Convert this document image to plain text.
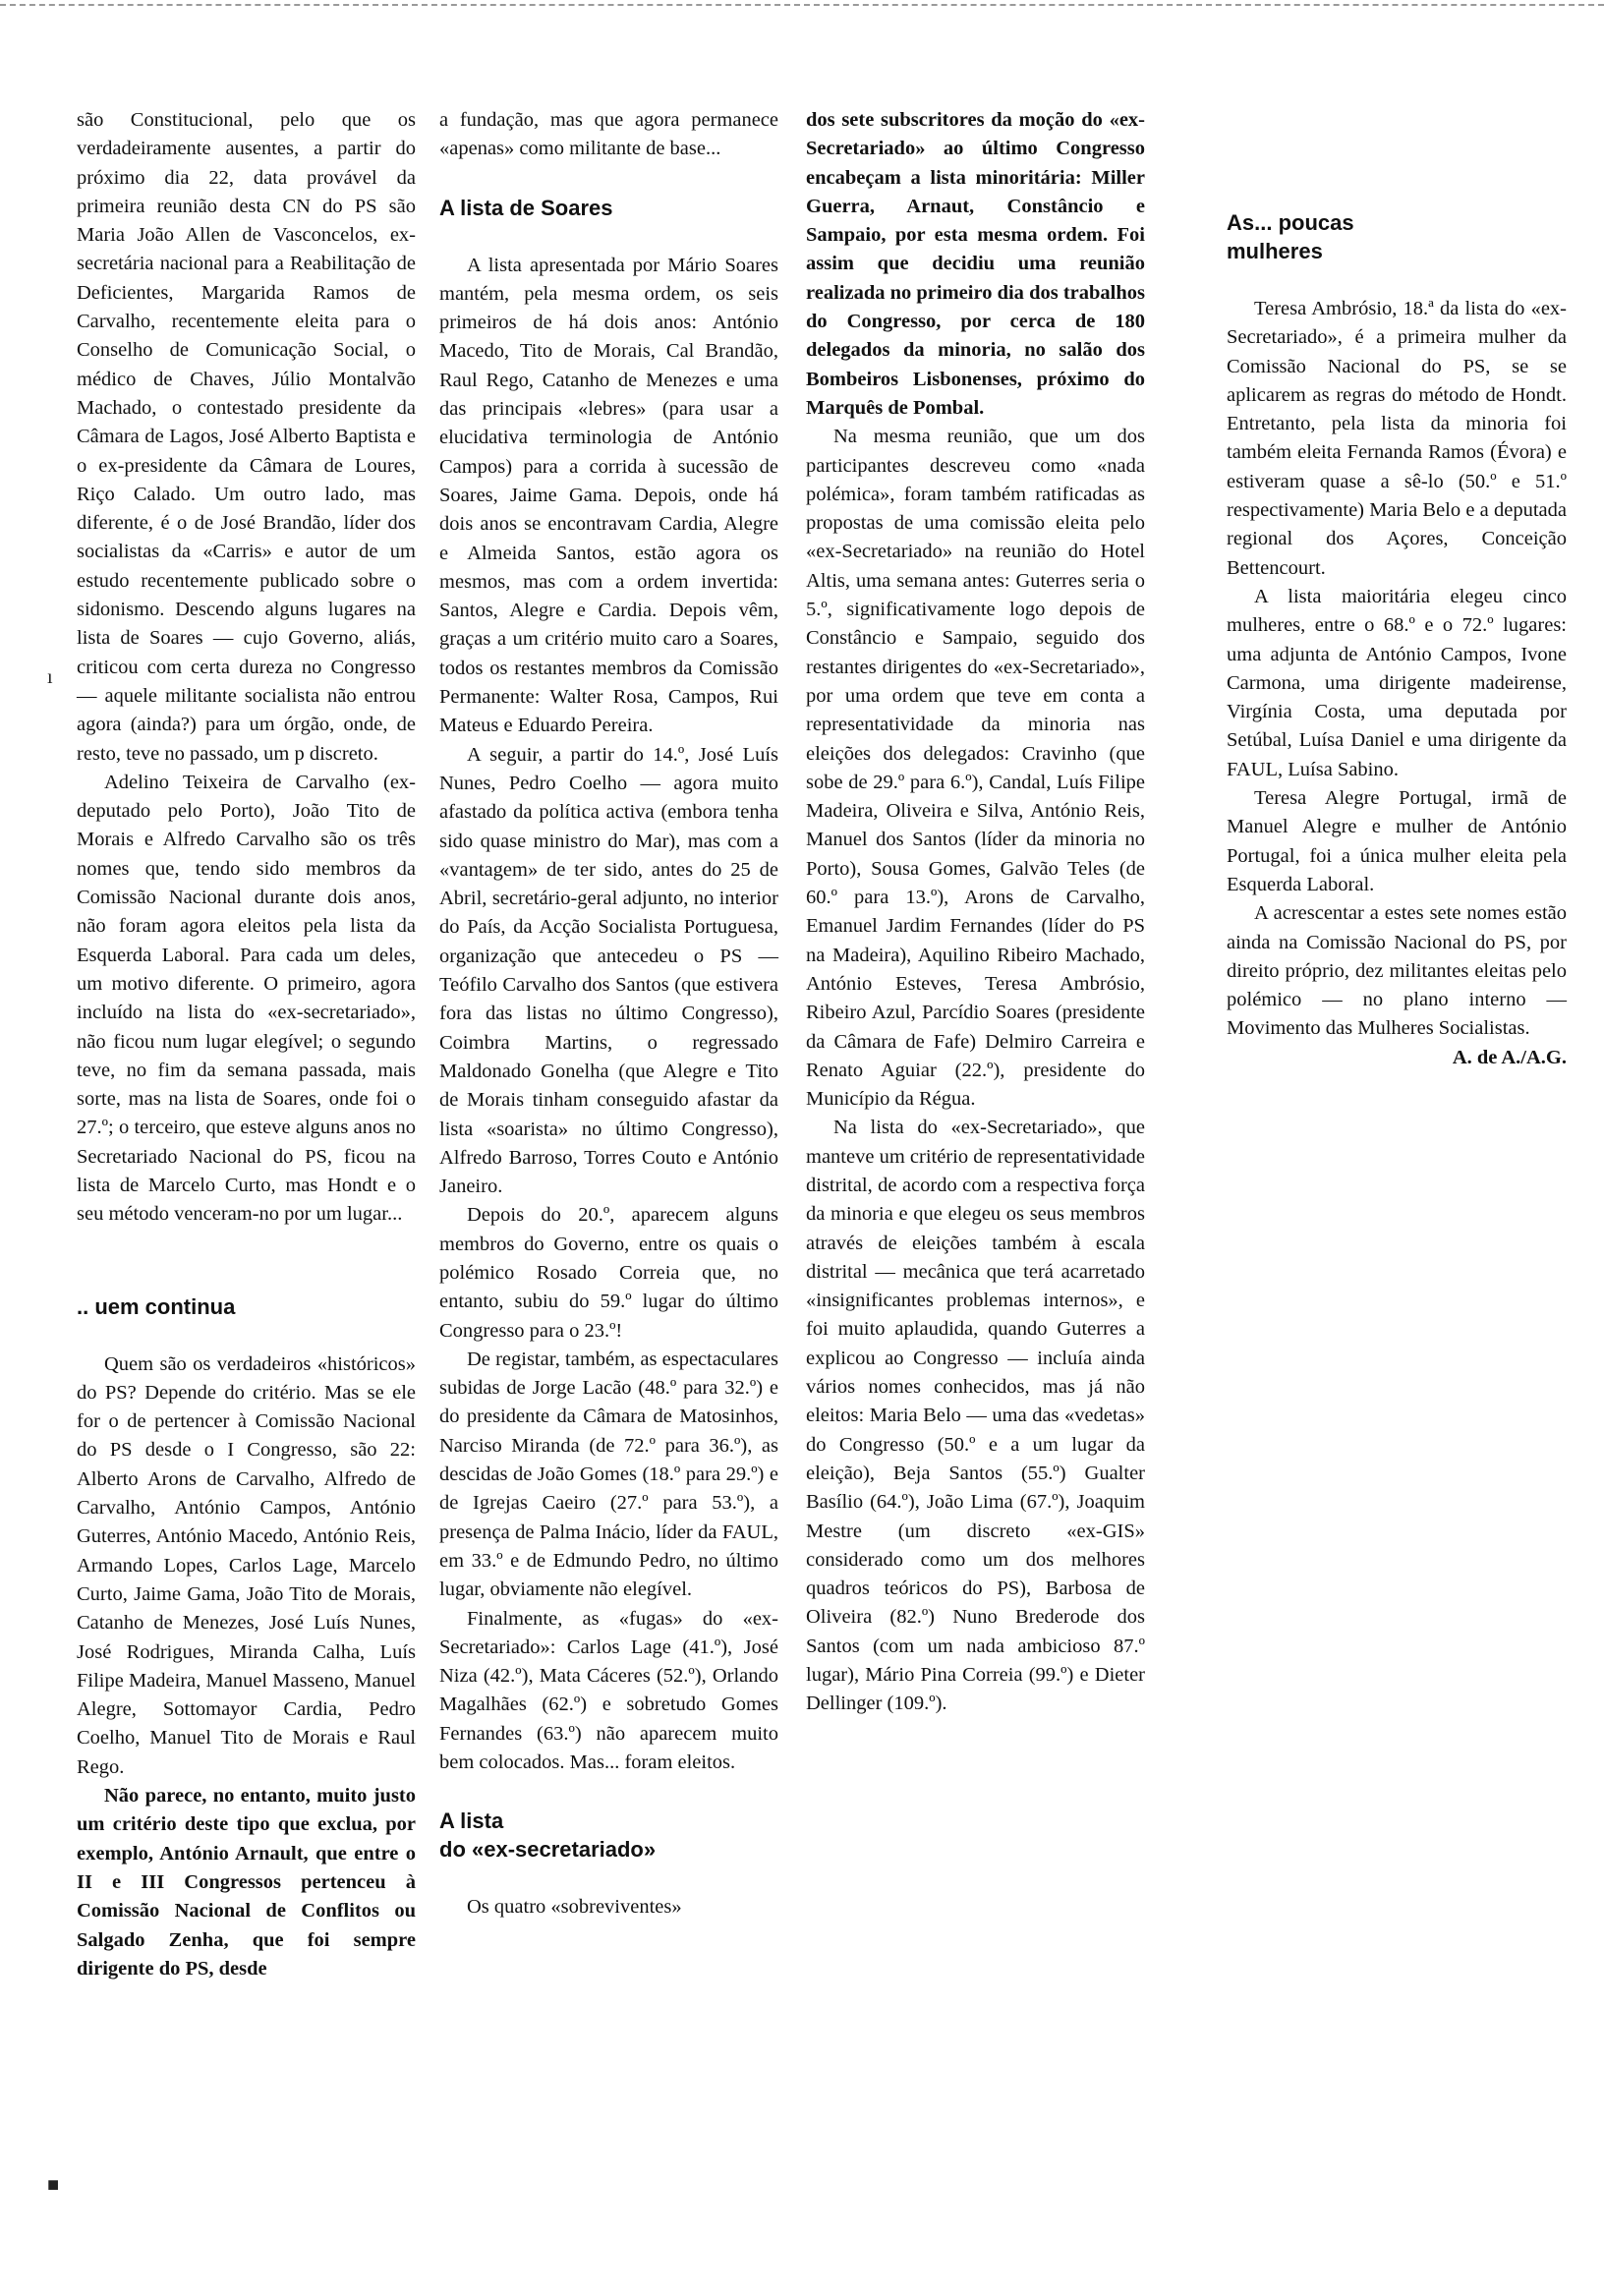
são Constitucional, pelo que os verdadeiramente ausentes, a partir do próximo dia 22, data provável da primeira reunião desta CN do PS são Maria João Allen de Vasconcelos, ex-secretária nacional para a Reabilitação de Deficientes, Margarida Ramos de Carvalho, recentemente eleita para o Conselho de Comunicação Social, o médico de Chaves, Júlio Montalvão Machado, o contestado presidente da Câmara de Lagos, José Alberto Baptista e o ex-presidente da Câmara de Loures, Riço Calado. Um outro lado, mas diferente, é o de José Brandão, líder dos socialistas da «Carris» e autor de um estudo recentemente publicado sobre o sidonismo. Descendo alguns lugares na lista de Soares — cujo Governo, aliás, criticou com certa dureza no Congresso — aquele militante socialista não entrou agora (ainda?) para um órgão, onde, de resto, teve no passado, um p discreto.

Adelino Teixeira de Carvalho (ex-deputado pelo Porto), João Tito de Morais e Alfredo Carvalho são os três nomes que, tendo sido membros da Comissão Nacional durante dois anos, não foram agora eleitos pela lista da Esquerda Laboral. Para cada um deles, um motivo diferente. O primeiro, agora incluído na lista do «ex-secretariado», não ficou num lugar elegível; o segundo teve, no fim da semana passada, mais sorte, mas na lista de Soares, onde foi o 27.º; o terceiro, que esteve alguns anos no Secretariado Nacional do PS, ficou na lista de Marcelo Curto, mas Hondt e o seu método venceram-no por um lugar...

.. uem continua

Quem são os verdadeiros «históricos» do PS? Depende do critério. Mas se ele for o de pertencer à Comissão Nacional do PS desde o I Congresso, são 22: Alberto Arons de Carvalho, Alfredo de Carvalho, António Campos, António Guterres, António Macedo, António Reis, Armando Lopes, Carlos Lage, Marcelo Curto, Jaime Gama, João Tito de Morais, Catanho de Menezes, José Luís Nunes, José Rodrigues, Miranda Calha, Luís Filipe Madeira, Manuel Masseno, Manuel Alegre, Sottomayor Cardia, Pedro Coelho, Manuel Tito de Morais e Raul Rego.

Não parece, no entanto, muito justo um critério deste tipo que exclua, por exemplo, António Arnault, que entre o II e III Congressos pertenceu à Comissão Nacional de Conflitos ou Salgado Zenha, que foi sempre dirigente do PS, desde

a fundação, mas que agora permanece «apenas» como militante de base...

A lista de Soares

A lista apresentada por Mário Soares mantém, pela mesma ordem, os seis primeiros de há dois anos: António Macedo, Tito de Morais, Cal Brandão, Raul Rego, Catanho de Menezes e uma das principais «lebres» (para usar a elucidativa terminologia de António Campos) para a corrida à sucessão de Soares, Jaime Gama. Depois, onde há dois anos se encontravam Cardia, Alegre e Almeida Santos, estão agora os mesmos, mas com a ordem invertida: Santos, Alegre e Cardia. Depois vêm, graças a um critério muito caro a Soares, todos os restantes membros da Comissão Permanente: Walter Rosa, Campos, Rui Mateus e Eduardo Pereira.

A seguir, a partir do 14.º, José Luís Nunes, Pedro Coelho — agora muito afastado da política activa (embora tenha sido quase ministro do Mar), mas com a «vantagem» de ter sido, antes do 25 de Abril, secretário-geral adjunto, no interior do País, da Acção Socialista Portuguesa, organização que antecedeu o PS — Teófilo Carvalho dos Santos (que estivera fora das listas no último Congresso), Coimbra Martins, o regressado Maldonado Gonelha (que Alegre e Tito de Morais tinham conseguido afastar da lista «soarista» no último Congresso), Alfredo Barroso, Torres Couto e António Janeiro.

Depois do 20.º, aparecem alguns membros do Governo, entre os quais o polémico Rosado Correia que, no entanto, subiu do 59.º lugar do último Congresso para o 23.º!

De registar, também, as espectaculares subidas de Jorge Lacão (48.º para 32.º) e do presidente da Câmara de Matosinhos, Narciso Miranda (de 72.º para 36.º), as descidas de João Gomes (18.º para 29.º) e de Igrejas Caeiro (27.º para 53.º), a presença de Palma Inácio, líder da FAUL, em 33.º e de Edmundo Pedro, no último lugar, obviamente não elegível.

Finalmente, as «fugas» do «ex-Secretariado»: Carlos Lage (41.º), José Niza (42.º), Mata Cáceres (52.º), Orlando Magalhães (62.º) e sobretudo Gomes Fernandes (63.º) não aparecem muito bem colocados. Mas... foram eleitos.

A lista
do «ex-secretariado»

Os quatro «sobreviventes»

dos sete subscritores da moção do «ex-Secretariado» ao último Congresso encabeçam a lista minoritária: Miller Guerra, Arnaut, Constâncio e Sampaio, por esta mesma ordem. Foi assim que decidiu uma reunião realizada no primeiro dia dos trabalhos do Congresso, por cerca de 180 delegados da minoria, no salão dos Bombeiros Lisbonenses, próximo do Marquês de Pombal.

Na mesma reunião, que um dos participantes descreveu como «nada polémica», foram também ratificadas as propostas de uma comissão eleita pelo «ex-Secretariado» na reunião do Hotel Altis, uma semana antes: Guterres seria o 5.º, significativamente logo depois de Constâncio e Sampaio, seguido dos restantes dirigentes do «ex-Secretariado», por uma ordem que teve em conta a representatividade da minoria nas eleições dos delegados: Cravinho (que sobe de 29.º para 6.º), Candal, Luís Filipe Madeira, Oliveira e Silva, António Reis, Manuel dos Santos (líder da minoria no Porto), Sousa Gomes, Galvão Teles (de 60.º para 13.º), Arons de Carvalho, Emanuel Jardim Fernandes (líder do PS na Madeira), Aquilino Ribeiro Machado, António Esteves, Teresa Ambrósio, Ribeiro Azul, Parcídio Soares (presidente da Câmara de Fafe) Delmiro Carreira e Renato Aguiar (22.º), presidente do Município da Régua.

Na lista do «ex-Secretariado», que manteve um critério de representatividade distrital, de acordo com a respectiva força da minoria e que elegeu os seus membros através de eleições também à escala distrital — mecânica que terá acarretado «insignificantes problemas internos», e foi muito aplaudida, quando Guterres a explicou ao Congresso — incluía ainda vários nomes conhecidos, mas já não eleitos: Maria Belo — uma das «vedetas» do Congresso (50.º e a um lugar da eleição), Beja Santos (55.º) Gualter Basílio (64.º), João Lima (67.º), Joaquim Mestre (um discreto «ex-GIS» considerado como um dos melhores quadros teóricos do PS), Barbosa de Oliveira (82.º) Nuno Brederode dos Santos (com um nada ambicioso 87.º lugar), Mário Pina Correia (99.º) e Dieter Dellinger (109.º).

As... poucas
mulheres

Teresa Ambrósio, 18.ª da lista do «ex-Secretariado», é a primeira mulher da Comissão Nacional do PS, se se aplicarem as regras do método de Hondt. Entretanto, pela lista da minoria foi também eleita Fernanda Ramos (Évora) e estiveram quase a sê-lo (50.º e 51.º respectivamente) Maria Belo e a deputada regional dos Açores, Conceição Bettencourt.

A lista maioritária elegeu cinco mulheres, entre o 68.º e o 72.º lugares: uma adjunta de António Campos, Ivone Carmona, uma dirigente madeirense, Virgínia Costa, uma deputada por Setúbal, Luísa Daniel e uma dirigente da FAUL, Luísa Sabino.

Teresa Alegre Portugal, irmã de Manuel Alegre e mulher de António Portugal, foi a única mulher eleita pela Esquerda Laboral.

A acrescentar a estes sete nomes estão ainda na Comissão Nacional do PS, por direito próprio, dez militantes eleitas pelo polémico — no plano interno — Movimento das Mulheres Socialistas.

A. de A./A.G.

ı
■
